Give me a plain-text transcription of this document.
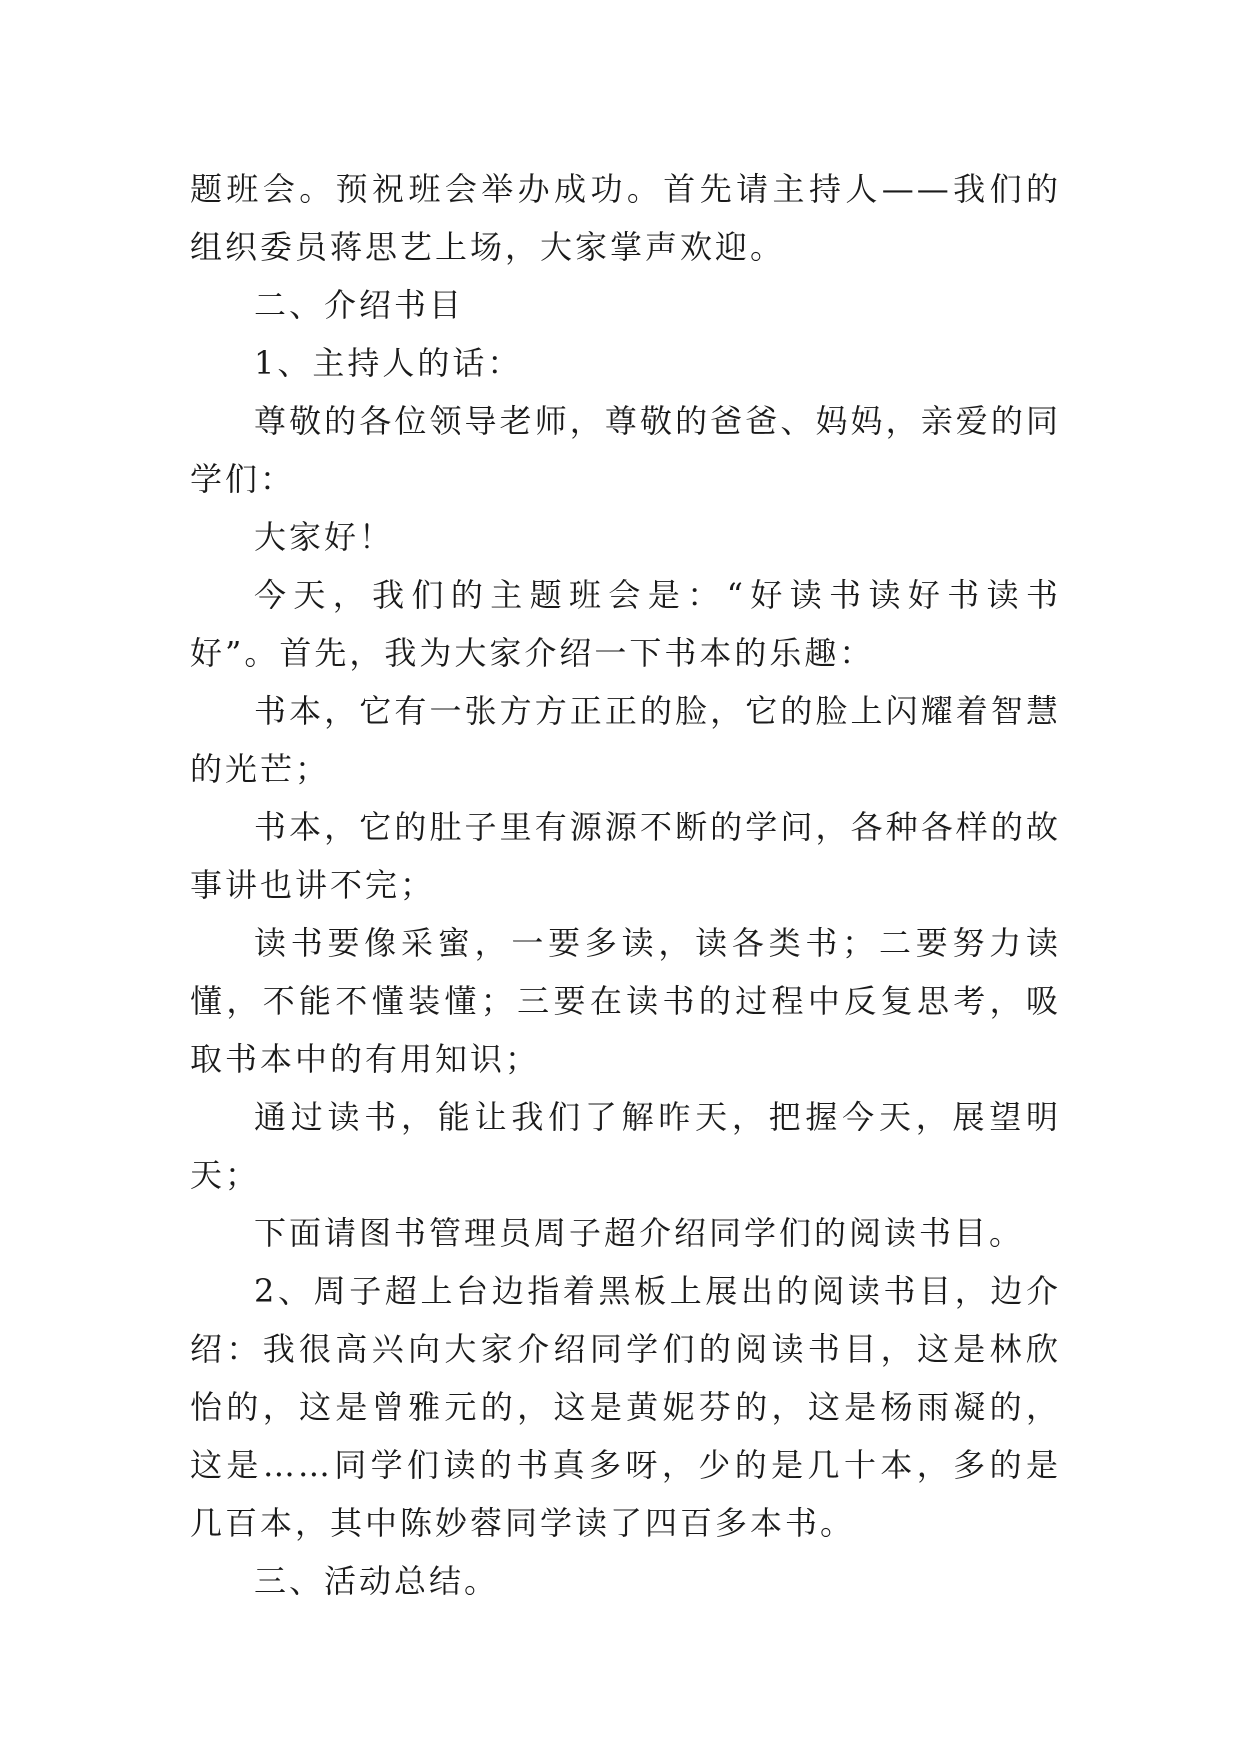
题班会。预祝班会举办成功。首先请主持人——我们的组织委员蒋思艺上场，大家掌声欢迎。

二、介绍书目

1、主持人的话：

尊敬的各位领导老师，尊敬的爸爸、妈妈，亲爱的同学们：

大家好！

今天，我们的主题班会是：“好读书读好书读书好”。首先，我为大家介绍一下书本的乐趣：

书本，它有一张方方正正的脸，它的脸上闪耀着智慧的光芒；

书本，它的肚子里有源源不断的学问，各种各样的故事讲也讲不完；

读书要像采蜜，一要多读，读各类书；二要努力读懂，不能不懂装懂；三要在读书的过程中反复思考，吸取书本中的有用知识；

通过读书，能让我们了解昨天，把握今天，展望明天；

下面请图书管理员周子超介绍同学们的阅读书目。

2、周子超上台边指着黑板上展出的阅读书目，边介绍：我很高兴向大家介绍同学们的阅读书目，这是林欣怡的，这是曾雅元的，这是黄妮芬的，这是杨雨凝的，这是……同学们读的书真多呀，少的是几十本，多的是几百本，其中陈妙蓉同学读了四百多本书。

三、活动总结。
